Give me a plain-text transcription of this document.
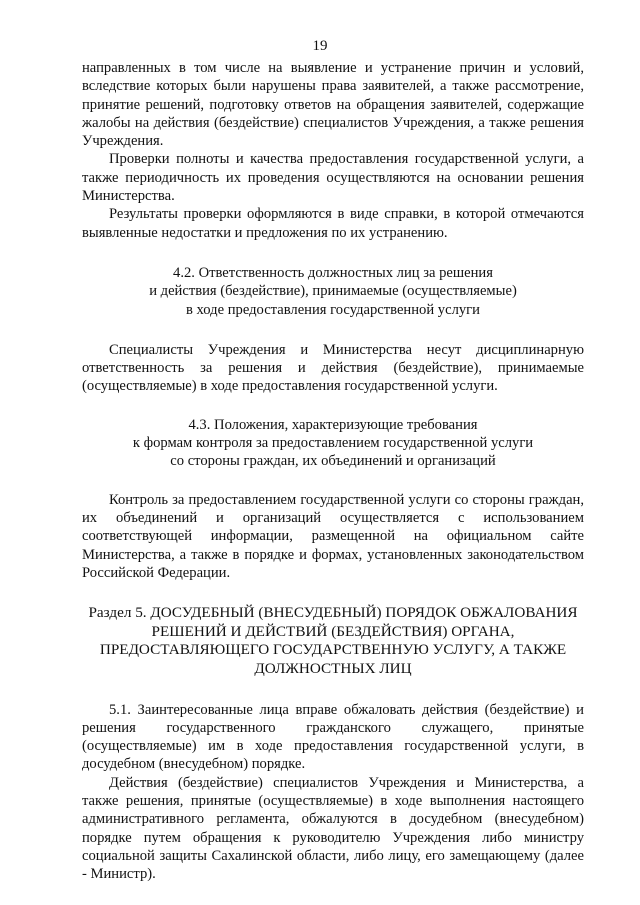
19

направленных в том числе на выявление и устранение причин и условий, вследствие которых были нарушены права заявителей, а также рассмотрение, принятие решений, подготовку ответов на обращения заявителей, содержащие жалобы на действия (бездействие) специалистов Учреждения, а также решения Учреждения.

Проверки полноты и качества предоставления государственной услуги, а также периодичность их проведения осуществляются на основании решения Министерства.

Результаты проверки оформляются в виде справки, в которой отмечаются выявленные недостатки и предложения по их устранению.

4.2. Ответственность должностных лиц за решения
и действия (бездействие), принимаемые (осуществляемые)
в ходе предоставления государственной услуги

Специалисты Учреждения и Министерства несут дисциплинарную ответственность за решения и действия (бездействие), принимаемые (осуществляемые) в ходе предоставления государственной услуги.

4.3. Положения, характеризующие требования
к формам контроля за предоставлением государственной услуги
со стороны граждан, их объединений и организаций

Контроль за предоставлением государственной услуги со стороны граждан, их объединений и организаций осуществляется с использованием соответствующей информации, размещенной на официальном сайте Министерства, а также в порядке и формах, установленных законодательством Российской Федерации.

Раздел 5. ДОСУДЕБНЫЙ (ВНЕСУДЕБНЫЙ) ПОРЯДОК ОБЖАЛОВАНИЯ
РЕШЕНИЙ И ДЕЙСТВИЙ (БЕЗДЕЙСТВИЯ) ОРГАНА,
ПРЕДОСТАВЛЯЮЩЕГО ГОСУДАРСТВЕННУЮ УСЛУГУ, А ТАКЖЕ
ДОЛЖНОСТНЫХ ЛИЦ

5.1. Заинтересованные лица вправе обжаловать действия (бездействие) и решения государственного гражданского служащего, принятые (осуществляемые) им в ходе предоставления государственной услуги, в досудебном (внесудебном) порядке.

Действия (бездействие) специалистов Учреждения и Министерства, а также решения, принятые (осуществляемые) в ходе выполнения настоящего административного регламента, обжалуются в досудебном (внесудебном) порядке путем обращения к руководителю Учреждения либо министру социальной защиты Сахалинской области, либо лицу, его замещающему (далее - Министр).
